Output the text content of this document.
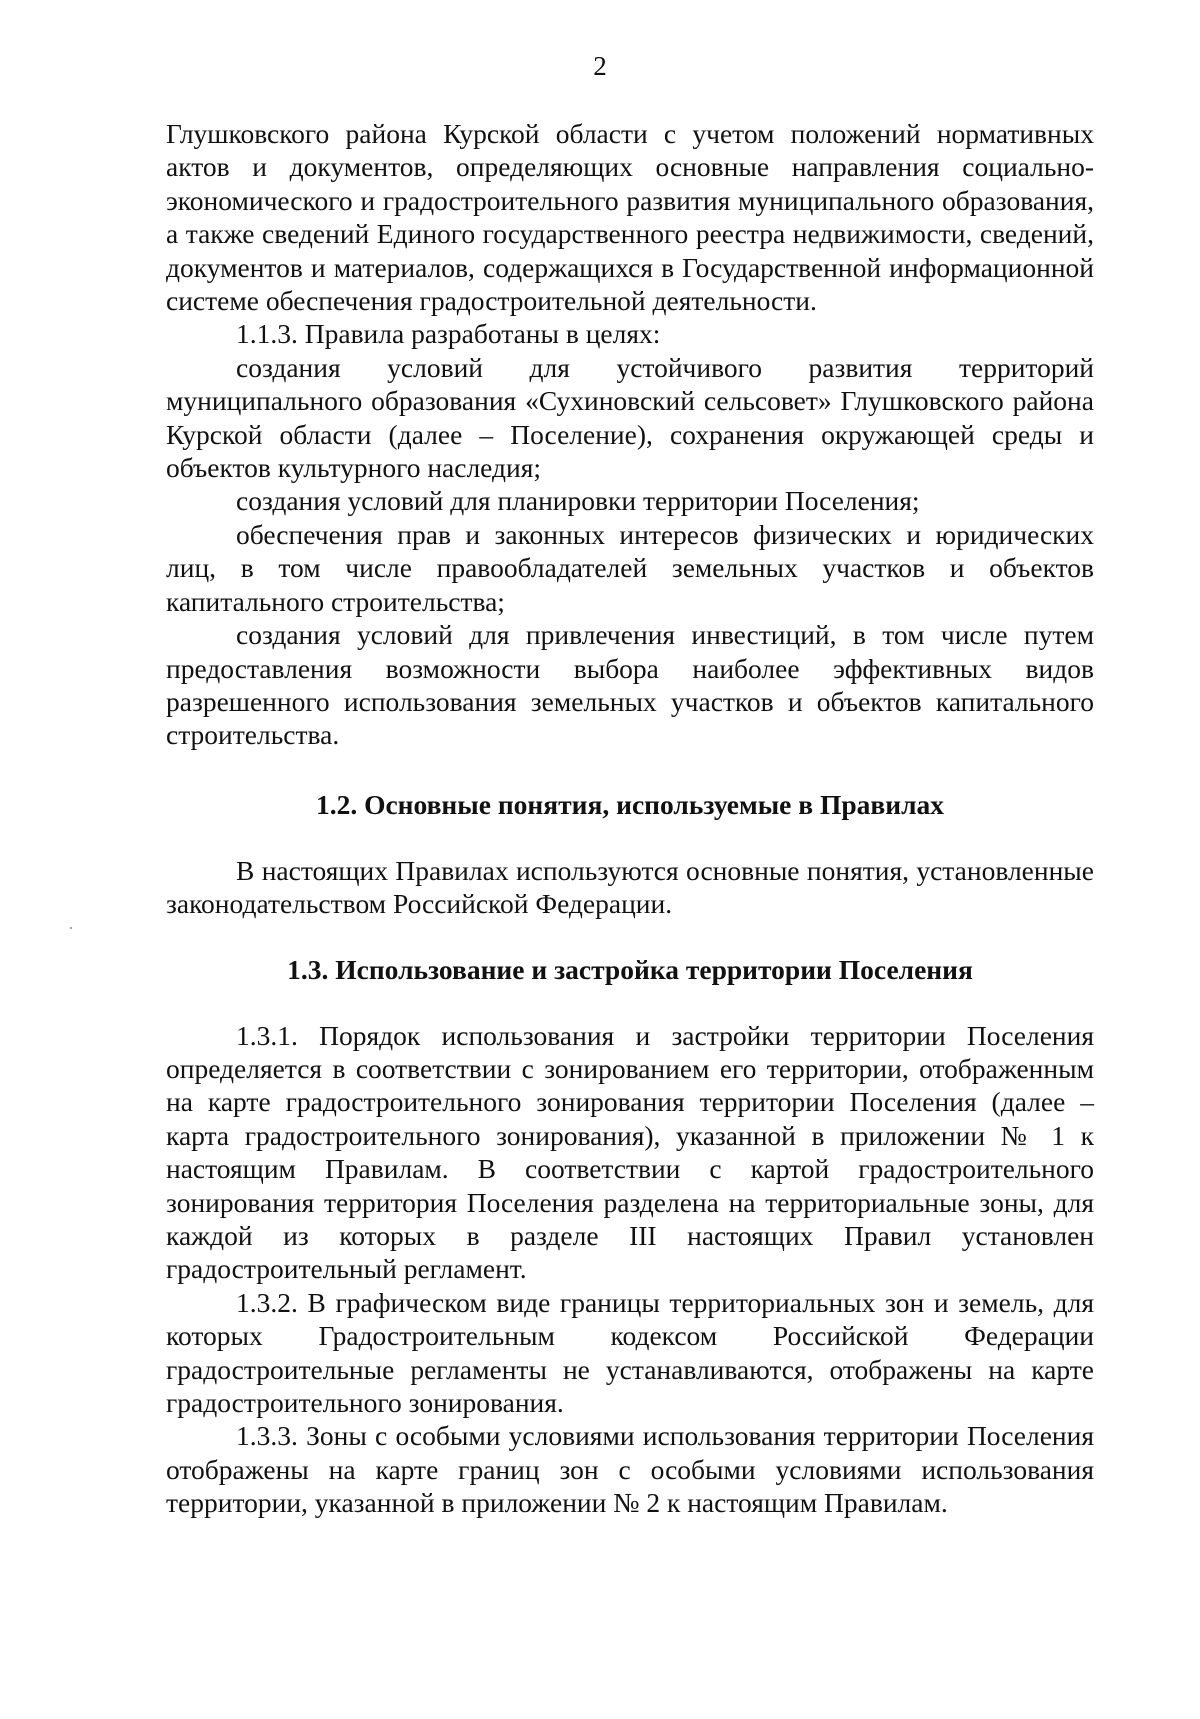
2

Глушковского района Курской области с учетом положений нормативных актов и документов, определяющих основные направления социально-экономического и градостроительного развития муниципального образования, а также сведений Единого государственного реестра недвижимости, сведений, документов и материалов, содержащихся в Государственной информационной системе обеспечения градостроительной деятельности.

1.1.3. Правила разработаны в целях:

создания условий для устойчивого развития территорий муниципального образования «Сухиновский сельсовет» Глушковского района Курской области (далее – Поселение), сохранения окружающей среды и объектов культурного наследия;

создания условий для планировки территории Поселения;

обеспечения прав и законных интересов физических и юридических лиц, в том числе правообладателей земельных участков и объектов капитального строительства;

создания условий для привлечения инвестиций, в том числе путем предоставления возможности выбора наиболее эффективных видов разрешенного использования земельных участков и объектов капитального строительства.

1.2. Основные понятия, используемые в Правилах

В настоящих Правилах используются основные понятия, установленные законодательством Российской Федерации.

1.3. Использование и застройка территории Поселения

1.3.1. Порядок использования и застройки территории Поселения определяется в соответствии с зонированием его территории, отображенным на карте градостроительного зонирования территории Поселения (далее – карта градостроительного зонирования), указанной в приложении № 1 к настоящим Правилам. В соответствии с картой градостроительного зонирования территория Поселения разделена на территориальные зоны, для каждой из которых в разделе III настоящих Правил установлен градостроительный регламент.

1.3.2. В графическом виде границы территориальных зон и земель, для которых Градостроительным кодексом Российской Федерации градостроительные регламенты не устанавливаются, отображены на карте градостроительного зонирования.

1.3.3. Зоны с особыми условиями использования территории Поселения отображены на карте границ зон с особыми условиями использования территории, указанной в приложении № 2 к настоящим Правилам.
